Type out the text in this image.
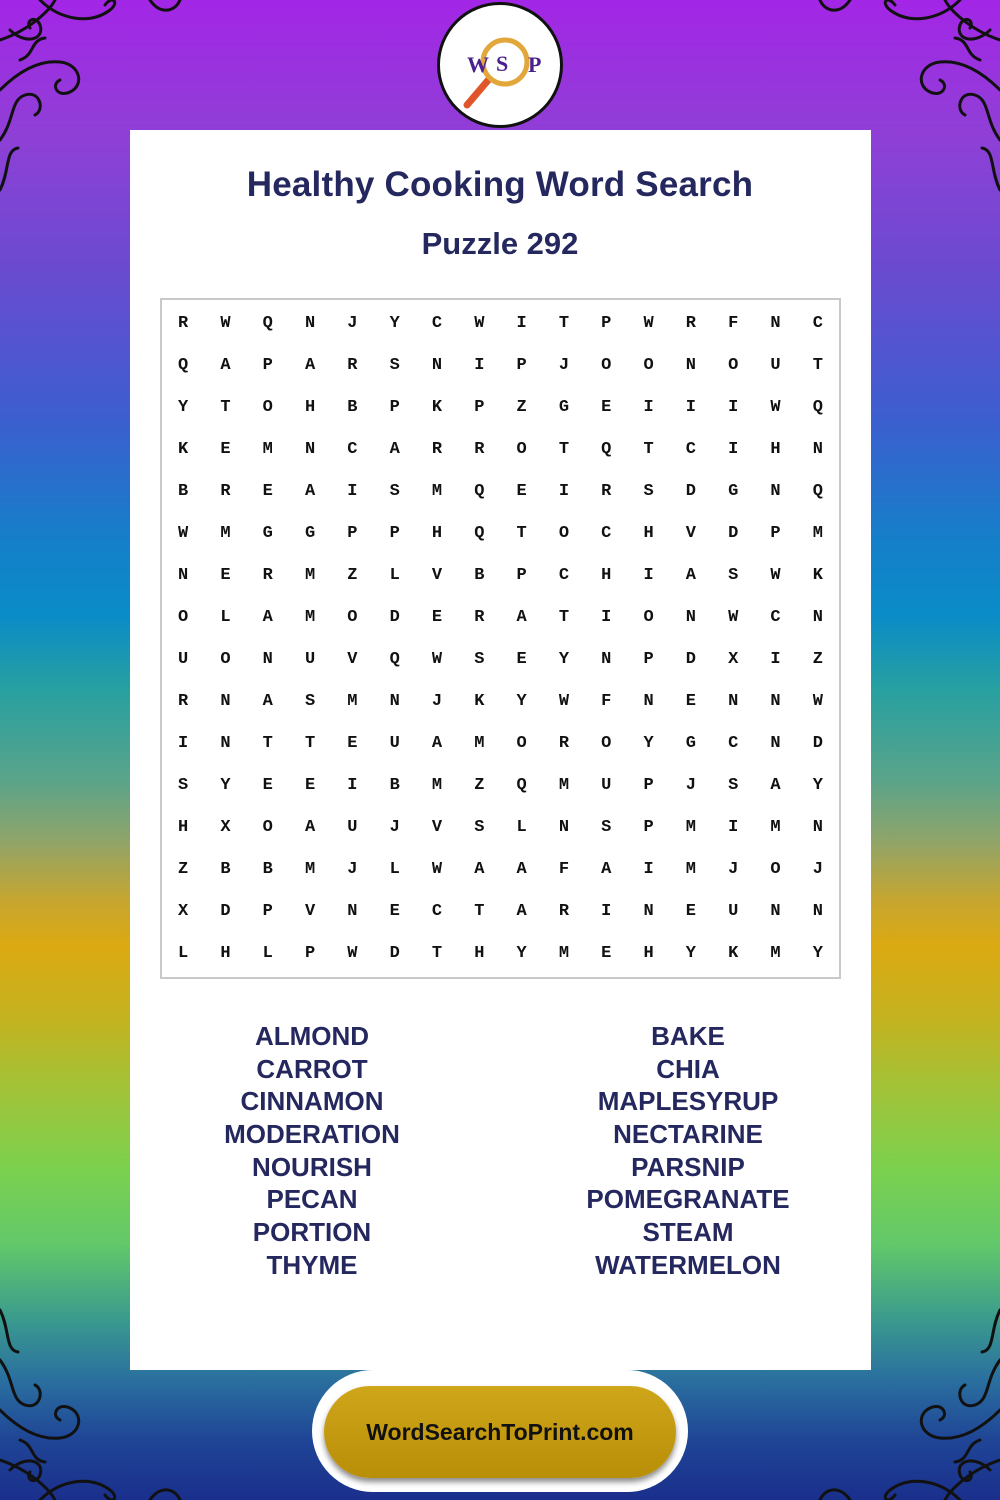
W S P
Healthy Cooking Word Search
Puzzle 292
R	W	Q	N	J	Y	C	W	I	T	P	W	R	F	N	C
Q	A	P	A	R	S	N	I	P	J	O	O	N	O	U	T
Y	T	O	H	B	P	K	P	Z	G	E	I	I	I	W	Q
K	E	M	N	C	A	R	R	O	T	Q	T	C	I	H	N
B	R	E	A	I	S	M	Q	E	I	R	S	D	G	N	Q
W	M	G	G	P	P	H	Q	T	O	C	H	V	D	P	M
N	E	R	M	Z	L	V	B	P	C	H	I	A	S	W	K
O	L	A	M	O	D	E	R	A	T	I	O	N	W	C	N
U	O	N	U	V	Q	W	S	E	Y	N	P	D	X	I	Z
R	N	A	S	M	N	J	K	Y	W	F	N	E	N	N	W
I	N	T	T	E	U	A	M	O	R	O	Y	G	C	N	D
S	Y	E	E	I	B	M	Z	Q	M	U	P	J	S	A	Y
H	X	O	A	U	J	V	S	L	N	S	P	M	I	M	N
Z	B	B	M	J	L	W	A	A	F	A	I	M	J	O	J
X	D	P	V	N	E	C	T	A	R	I	N	E	U	N	N
L	H	L	P	W	D	T	H	Y	M	E	H	Y	K	M	Y
ALMOND
CARROT
CINNAMON
MODERATION
NOURISH
PECAN
PORTION
THYME
BAKE
CHIA
MAPLESYRUP
NECTARINE
PARSNIP
POMEGRANATE
STEAM
WATERMELON
WordSearchToPrint.com
